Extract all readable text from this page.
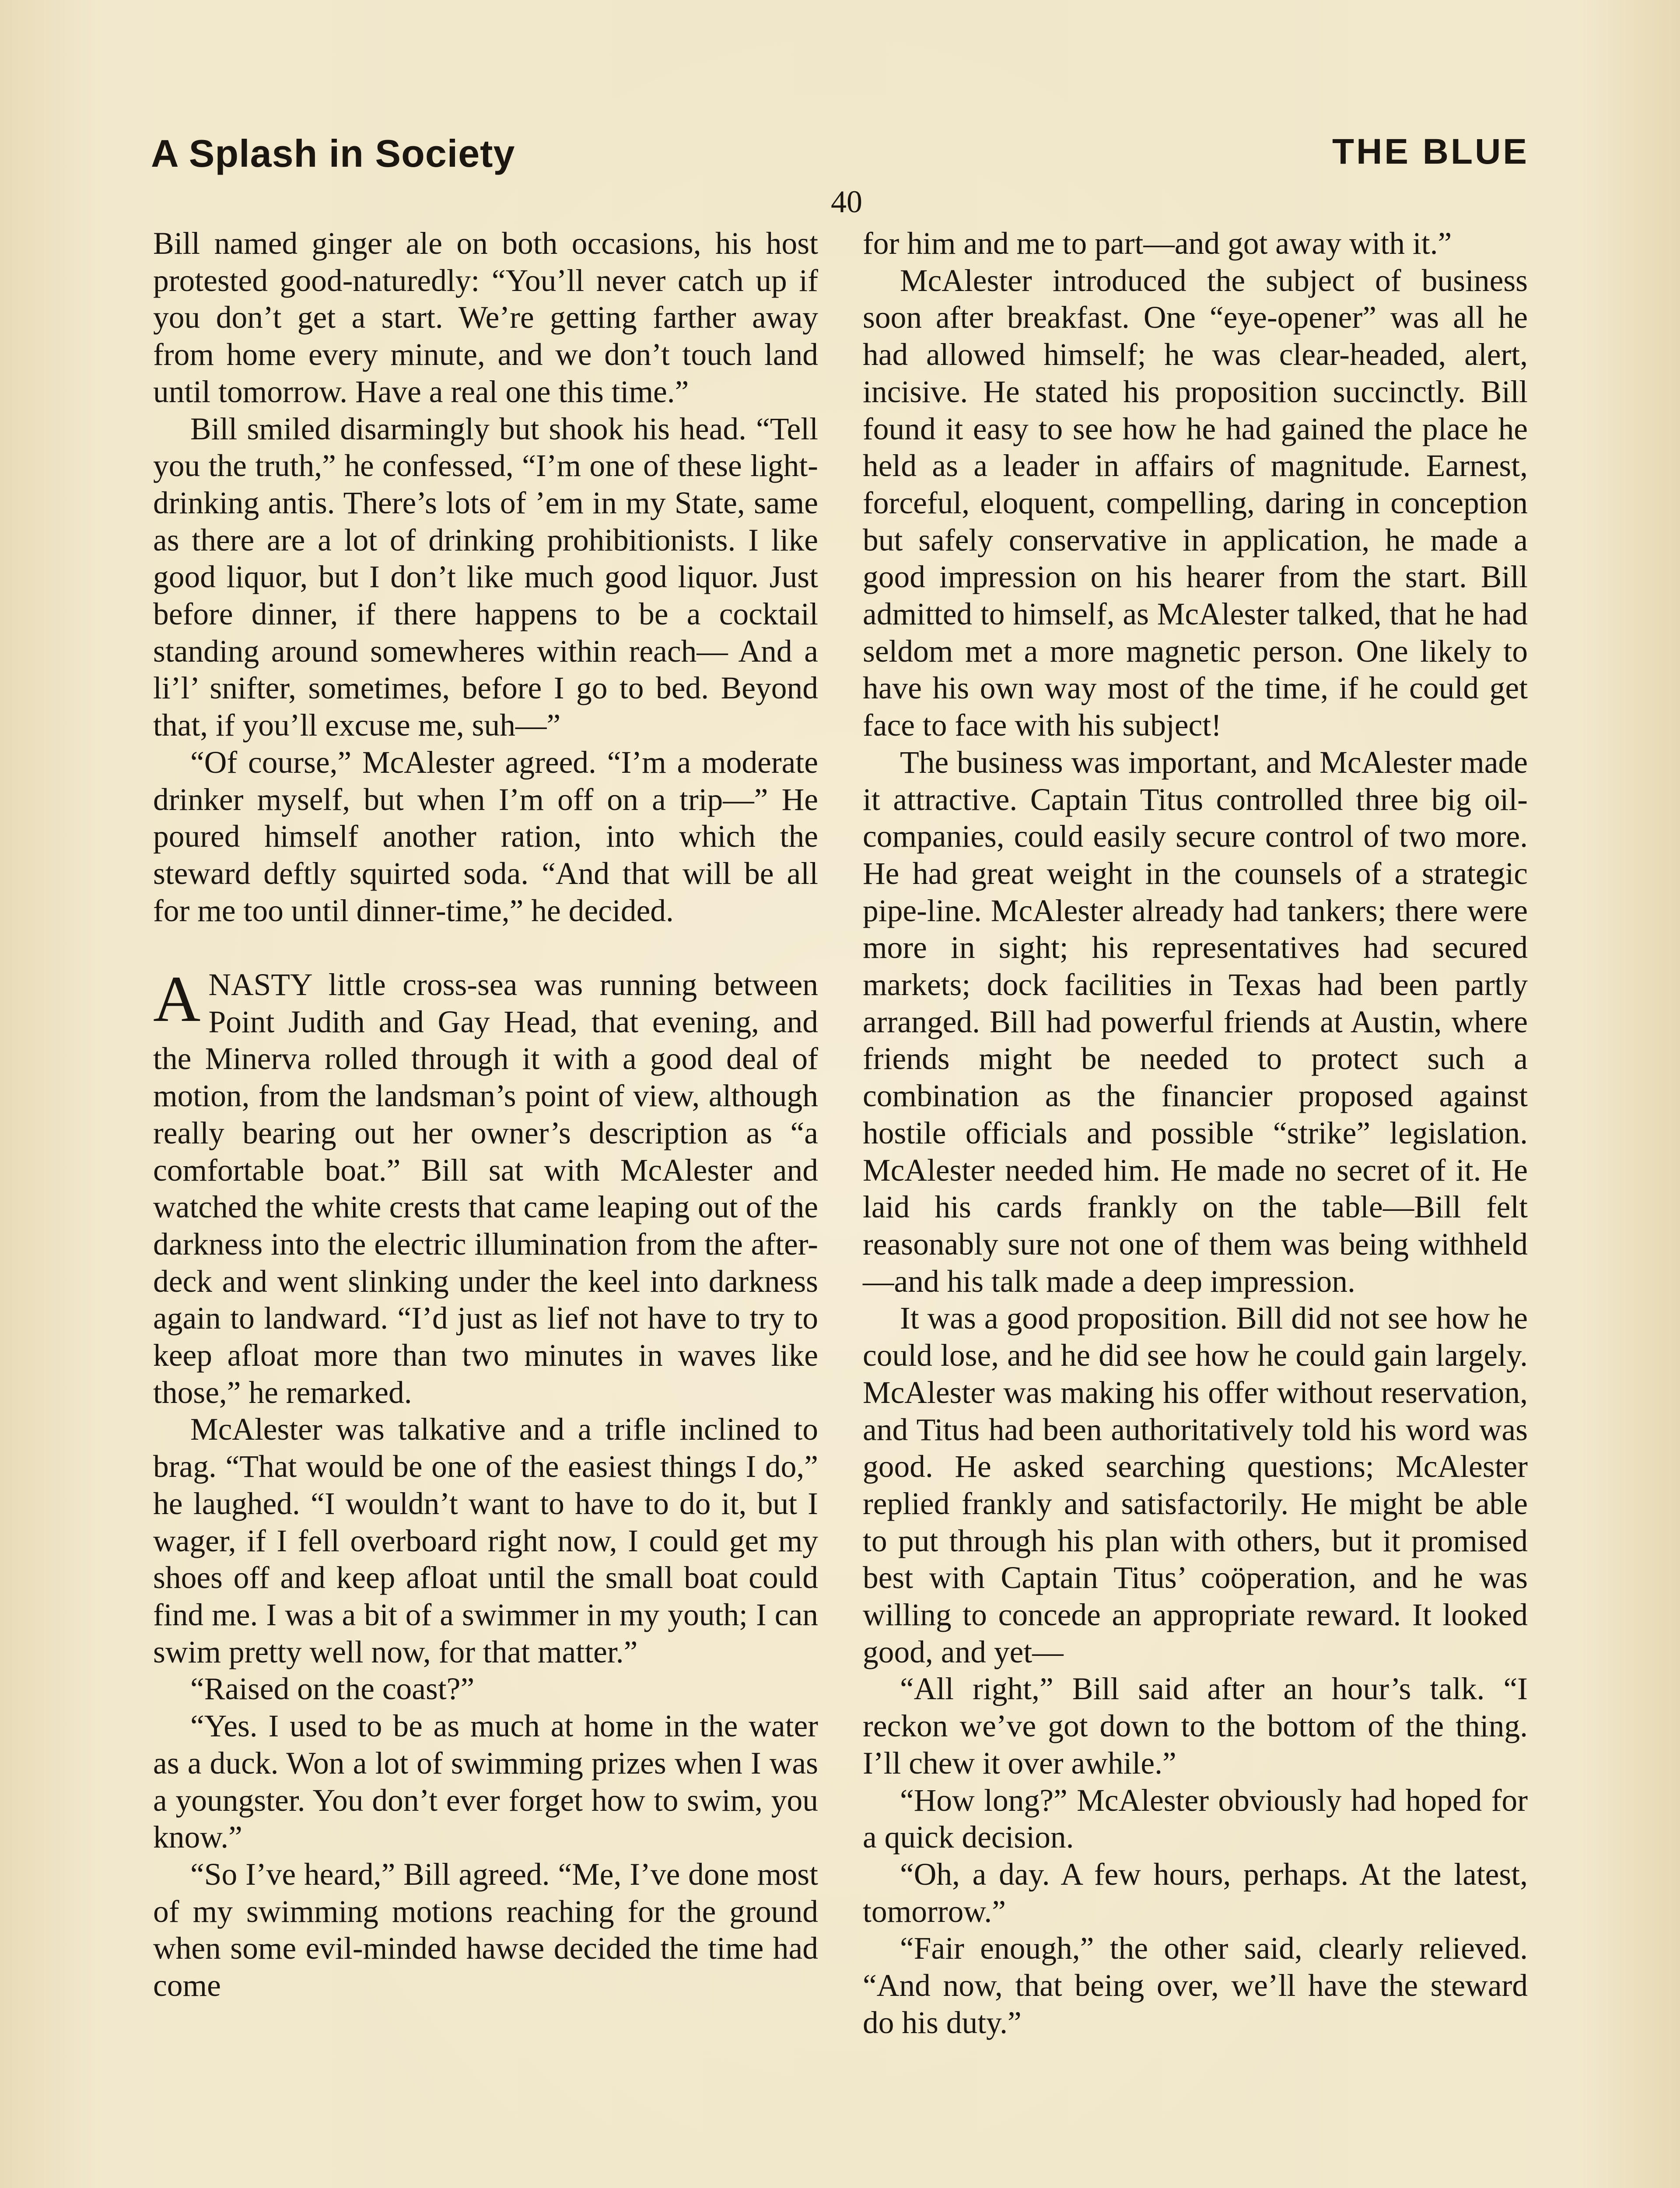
A Splash in Society	THE BLUE
40

Bill named ginger ale on both occasions, his host protested good-naturedly: “You’ll never catch up if you don’t get a start. We’re getting farther away from home every minute, and we don’t touch land until tomorrow. Have a real one this time.”

Bill smiled disarmingly but shook his head. “Tell you the truth,” he confessed, “I’m one of these light-drinking antis. There’s lots of ’em in my State, same as there are a lot of drinking prohibitionists. I like good liquor, but I don’t like much good liquor. Just before dinner, if there happens to be a cocktail standing around somewheres within reach— And a li’l’ snifter, sometimes, before I go to bed. Beyond that, if you’ll excuse me, suh—”

“Of course,” McAlester agreed. “I’m a moderate drinker myself, but when I’m off on a trip—” He poured himself another ration, into which the steward deftly squirted soda. “And that will be all for me too until dinner-time,” he decided.

ANASTY little cross-sea was running between Point Judith and Gay Head, that evening, and the Minerva rolled through it with a good deal of motion, from the landsman’s point of view, although really bearing out her owner’s description as “a comfortable boat.” Bill sat with McAlester and watched the white crests that came leaping out of the darkness into the electric illumination from the after-deck and went slinking under the keel into darkness again to landward. “I’d just as lief not have to try to keep afloat more than two minutes in waves like those,” he remarked.

McAlester was talkative and a trifle inclined to brag. “That would be one of the easiest things I do,” he laughed. “I wouldn’t want to have to do it, but I wager, if I fell overboard right now, I could get my shoes off and keep afloat until the small boat could find me. I was a bit of a swimmer in my youth; I can swim pretty well now, for that matter.”

“Raised on the coast?”

“Yes. I used to be as much at home in the water as a duck. Won a lot of swimming prizes when I was a youngster. You don’t ever forget how to swim, you know.”

“So I’ve heard,” Bill agreed. “Me, I’ve done most of my swimming motions reaching for the ground when some evil-minded hawse decided the time had come

for him and me to part—and got away with it.”

McAlester introduced the subject of business soon after breakfast. One “eye-opener” was all he had allowed himself; he was clear-headed, alert, incisive. He stated his proposition succinctly. Bill found it easy to see how he had gained the place he held as a leader in affairs of magnitude. Earnest, forceful, eloquent, compelling, daring in conception but safely conservative in application, he made a good impression on his hearer from the start. Bill admitted to himself, as McAlester talked, that he had seldom met a more magnetic person. One likely to have his own way most of the time, if he could get face to face with his subject!

The business was important, and McAlester made it attractive. Captain Titus controlled three big oil-companies, could easily secure control of two more. He had great weight in the counsels of a strategic pipe-line. McAlester already had tankers; there were more in sight; his representatives had secured markets; dock facilities in Texas had been partly arranged. Bill had powerful friends at Austin, where friends might be needed to protect such a combination as the financier proposed against hostile officials and possible “strike” legislation. McAlester needed him. He made no secret of it. He laid his cards frankly on the table—Bill felt reasonably sure not one of them was being withheld—and his talk made a deep impression.

It was a good proposition. Bill did not see how he could lose, and he did see how he could gain largely. McAlester was making his offer without reservation, and Titus had been authoritatively told his word was good. He asked searching questions; McAlester replied frankly and satisfactorily. He might be able to put through his plan with others, but it promised best with Captain Titus’ coöperation, and he was willing to concede an appropriate reward. It looked good, and yet—

“All right,” Bill said after an hour’s talk. “I reckon we’ve got down to the bottom of the thing. I’ll chew it over awhile.”

“How long?” McAlester obviously had hoped for a quick decision.

“Oh, a day. A few hours, perhaps. At the latest, tomorrow.”

“Fair enough,” the other said, clearly relieved. “And now, that being over, we’ll have the steward do his duty.”
